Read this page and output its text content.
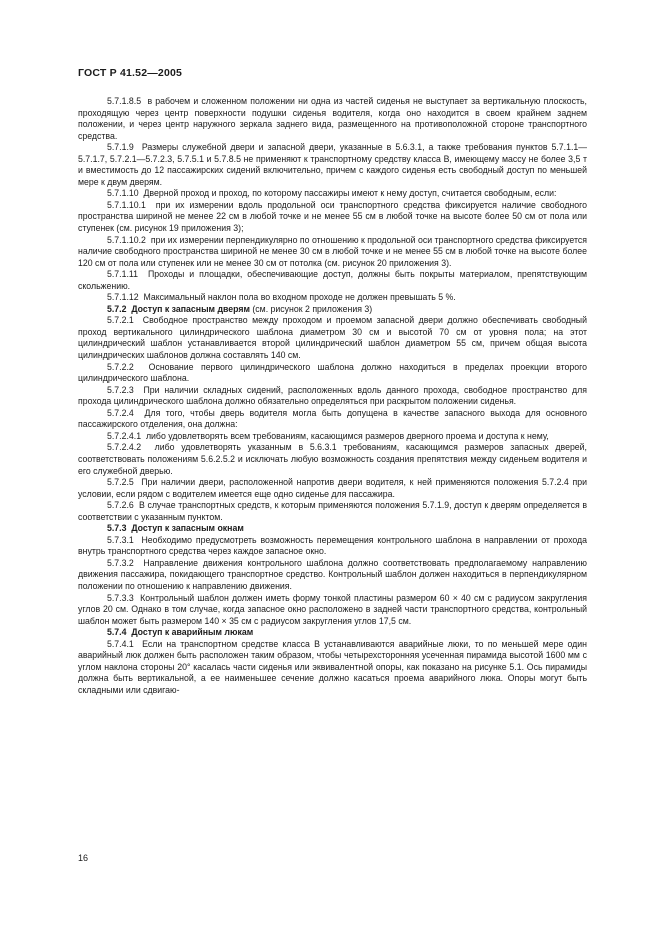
ГОСТ Р 41.52—2005

5.7.1.8.5 в рабочем и сложенном положении ни одна из частей сиденья не выступает за вертикальную плоскость, проходящую через центр поверхности подушки сиденья водителя, когда оно находится в своем крайнем заднем положении, и через центр наружного зеркала заднего вида, размещенного на противоположной стороне транспортного средства.

5.7.1.9 Размеры служебной двери и запасной двери, указанные в 5.6.3.1, а также требования пунктов 5.7.1.1—5.7.1.7, 5.7.2.1—5.7.2.3, 5.7.5.1 и 5.7.8.5 не применяют к транспортному средству класса В, имеющему массу не более 3,5 т и вместимость до 12 пассажирских сидений включительно, причем с каждого сиденья есть свободный доступ по меньшей мере к двум дверям.

5.7.1.10 Дверной проход и проход, по которому пассажиры имеют к нему доступ, считается свободным, если:

5.7.1.10.1 при их измерении вдоль продольной оси транспортного средства фиксируется наличие свободного пространства шириной не менее 22 см в любой точке и не менее 55 см в любой точке на высоте более 50 см от пола или ступенек (см. рисунок 19 приложения 3);

5.7.1.10.2 при их измерении перпендикулярно по отношению к продольной оси транспортного средства фиксируется наличие свободного пространства шириной не менее 30 см в любой точке и не менее 55 см в любой точке на высоте более 120 см от пола или ступенек или не менее 30 см от потолка (см. рисунок 20 приложения 3).

5.7.1.11 Проходы и площадки, обеспечивающие доступ, должны быть покрыты материалом, препятствующим скольжению.

5.7.1.12 Максимальный наклон пола во входном проходе не должен превышать 5 %.

5.7.2 Доступ к запасным дверям (см. рисунок 2 приложения 3)

5.7.2.1 Свободное пространство между проходом и проемом запасной двери должно обеспечивать свободный проход вертикального цилиндрического шаблона диаметром 30 см и высотой 70 см от уровня пола; на этот цилиндрический шаблон устанавливается второй цилиндрический шаблон диаметром 55 см, причем общая высота цилиндрических шаблонов должна составлять 140 см.

5.7.2.2 Основание первого цилиндрического шаблона должно находиться в пределах проекции второго цилиндрического шаблона.

5.7.2.3 При наличии складных сидений, расположенных вдоль данного прохода, свободное пространство для прохода цилиндрического шаблона должно обязательно определяться при раскрытом положении сиденья.

5.7.2.4 Для того, чтобы дверь водителя могла быть допущена в качестве запасного выхода для основного пассажирского отделения, она должна:

5.7.2.4.1 либо удовлетворять всем требованиям, касающимся размеров дверного проема и доступа к нему,

5.7.2.4.2 либо удовлетворять указанным в 5.6.3.1 требованиям, касающимся размеров запасных дверей, соответствовать положениям 5.6.2.5.2 и исключать любую возможность создания препятствия между сиденьем водителя и его служебной дверью.

5.7.2.5 При наличии двери, расположенной напротив двери водителя, к ней применяются положения 5.7.2.4 при условии, если рядом с водителем имеется еще одно сиденье для пассажира.

5.7.2.6 В случае транспортных средств, к которым применяются положения 5.7.1.9, доступ к дверям определяется в соответствии с указанным пунктом.

5.7.3 Доступ к запасным окнам

5.7.3.1 Необходимо предусмотреть возможность перемещения контрольного шаблона в направлении от прохода внутрь транспортного средства через каждое запасное окно.

5.7.3.2 Направление движения контрольного шаблона должно соответствовать предполагаемому направлению движения пассажира, покидающего транспортное средство. Контрольный шаблон должен находиться в перпендикулярном положении по отношению к направлению движения.

5.7.3.3 Контрольный шаблон должен иметь форму тонкой пластины размером 60 × 40 см с радиусом закругления углов 20 см. Однако в том случае, когда запасное окно расположено в задней части транспортного средства, контрольный шаблон может быть размером 140 × 35 см с радиусом закругления углов 17,5 см.

5.7.4 Доступ к аварийным люкам

5.7.4.1 Если на транспортном средстве класса В устанавливаются аварийные люки, то по меньшей мере один аварийный люк должен быть расположен таким образом, чтобы четырехсторонняя усеченная пирамида высотой 1600 мм с углом наклона стороны 20° касалась части сиденья или эквивалентной опоры, как показано на рисунке 5.1. Ось пирамиды должна быть вертикальной, а ее наименьшее сечение должно касаться проема аварийного люка. Опоры могут быть складными или сдвигаю-

16
